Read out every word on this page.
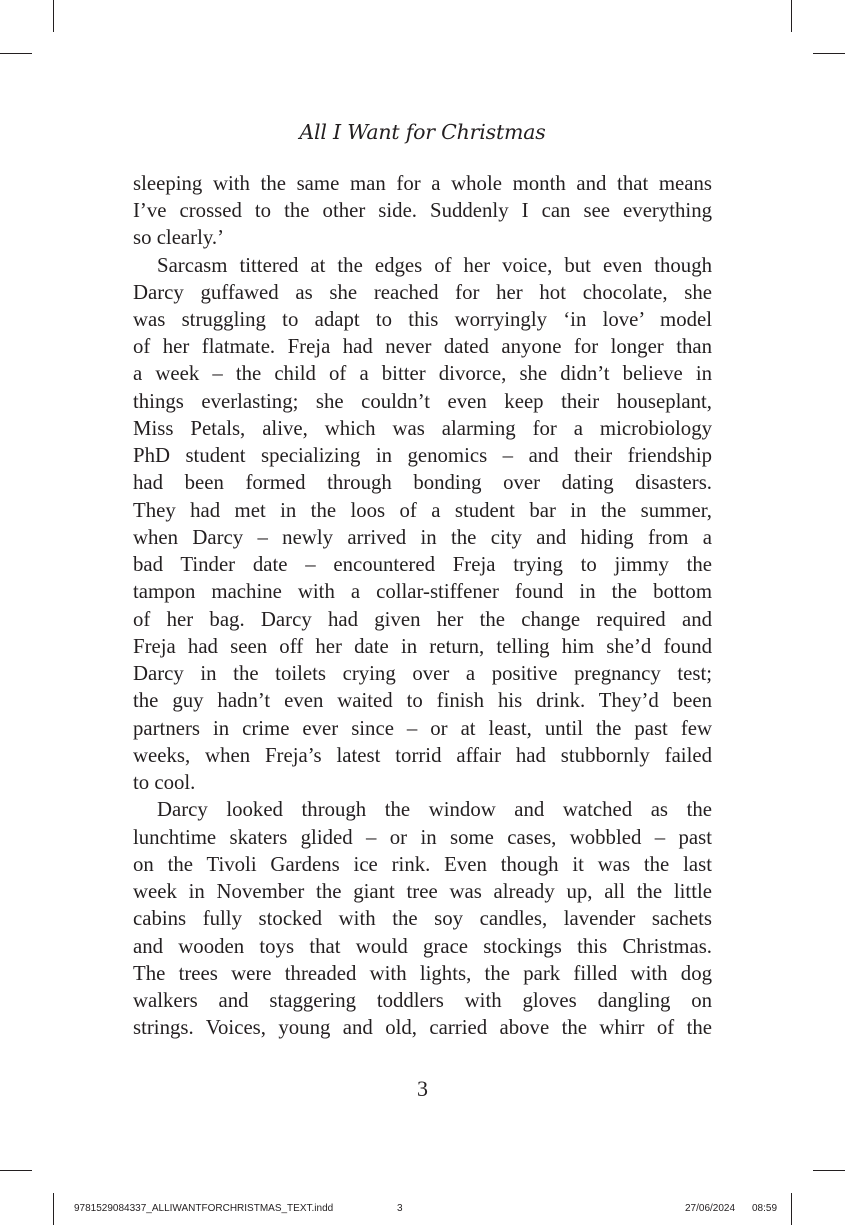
All I Want for Christmas
sleeping with the same man for a whole month and that means
I’ve crossed to the other side. Suddenly I can see everything
so clearly.’
Sarcasm tittered at the edges of her voice, but even though
Darcy guffawed as she reached for her hot chocolate, she
was struggling to adapt to this worryingly ‘in love’ model
of her flatmate. Freja had never dated anyone for longer than
a week – the child of a bitter divorce, she didn’t believe in
things everlasting; she couldn’t even keep their houseplant,
Miss Petals, alive, which was alarming for a microbiology
PhD student specializing in genomics – and their friendship
had been formed through bonding over dating disasters.
They had met in the loos of a student bar in the summer,
when Darcy – newly arrived in the city and hiding from a
bad Tinder date – encountered Freja trying to jimmy the
tampon machine with a collar-stiffener found in the bottom
of her bag. Darcy had given her the change required and
Freja had seen off her date in return, telling him she’d found
Darcy in the toilets crying over a positive pregnancy test;
the guy hadn’t even waited to finish his drink. They’d been
partners in crime ever since – or at least, until the past few
weeks, when Freja’s latest torrid affair had stubbornly failed
to cool.
Darcy looked through the window and watched as the
lunchtime skaters glided – or in some cases, wobbled – past
on the Tivoli Gardens ice rink. Even though it was the last
week in November the giant tree was already up, all the little
cabins fully stocked with the soy candles, lavender sachets
and wooden toys that would grace stockings this Christmas.
The trees were threaded with lights, the park filled with dog
walkers and staggering toddlers with gloves dangling on
strings. Voices, young and old, carried above the whirr of the
3
9781529084337_ALLIWANTFORCHRISTMAS_TEXT.indd	3	27/06/2024 08:59
